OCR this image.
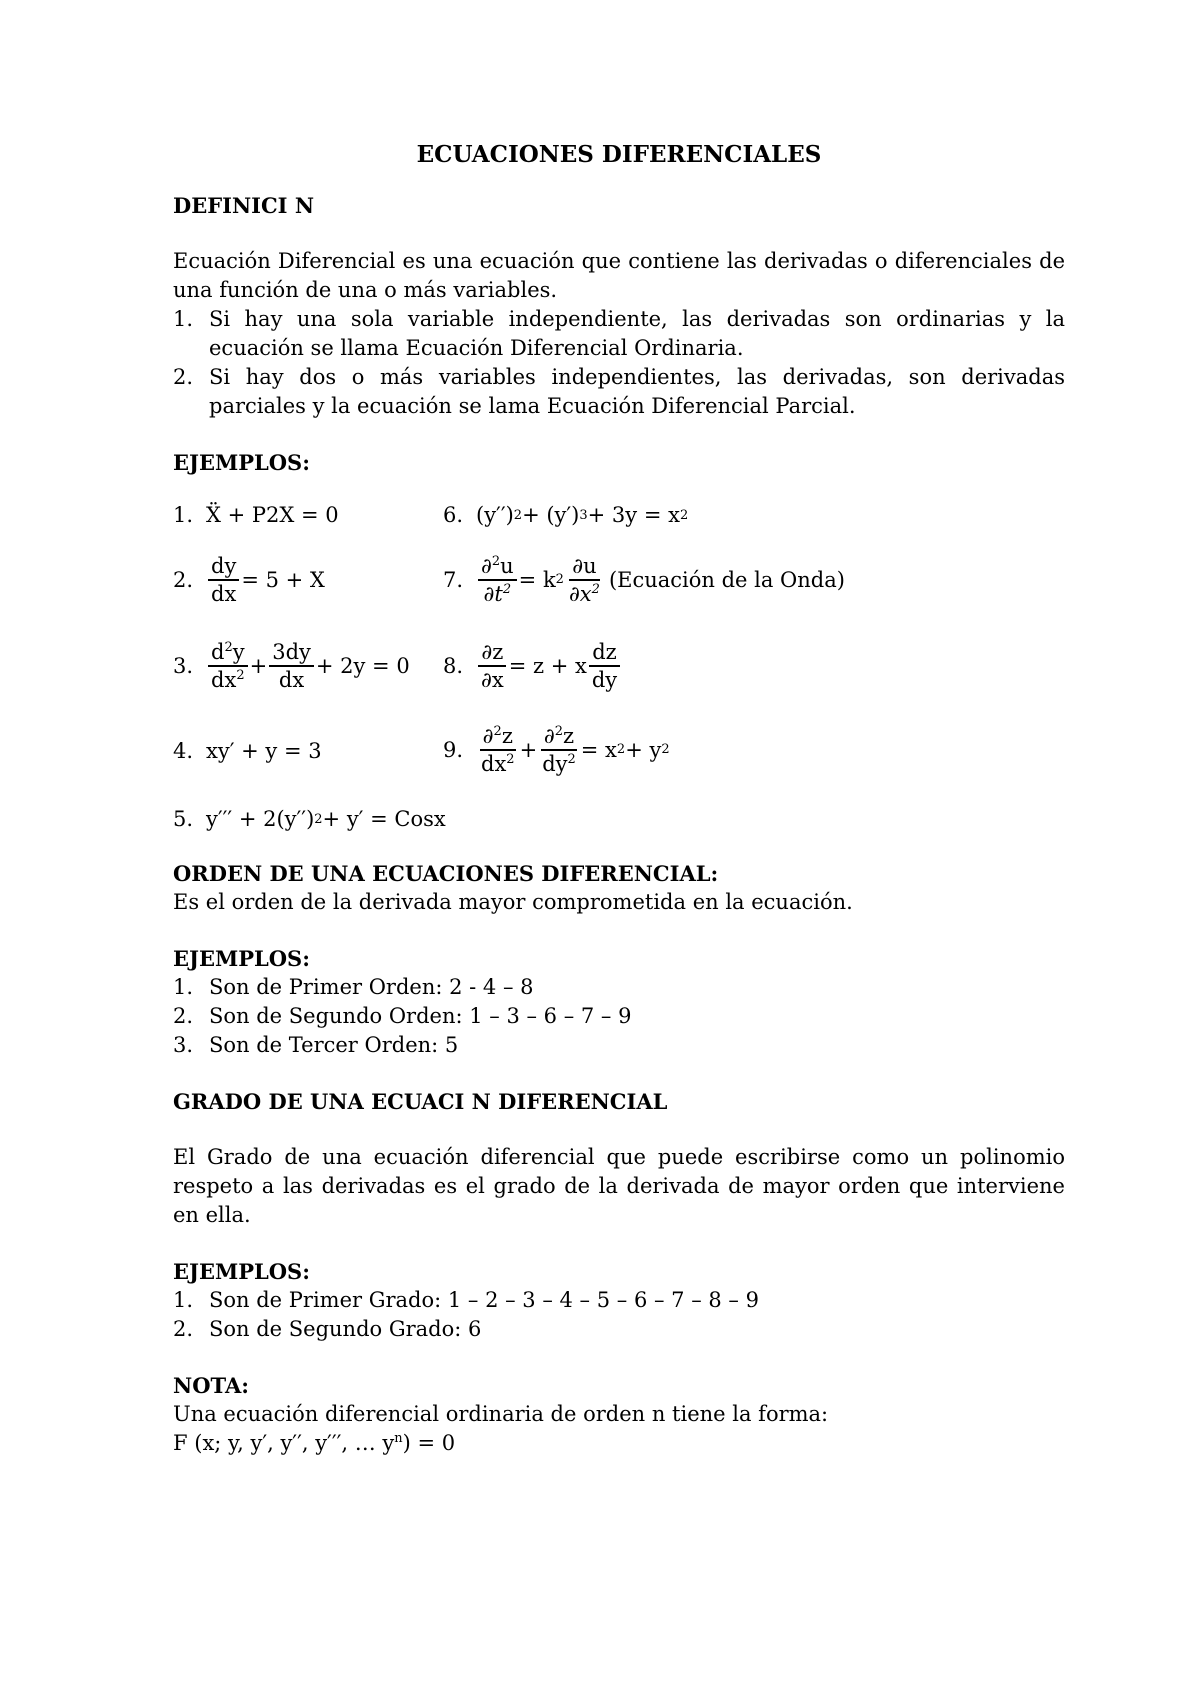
ECUACIONES DIFERENCIALES

DEFINICI N

Ecuación Diferencial es una ecuación que contiene las derivadas o diferenciales de una función de una o más variables.

1. Si hay una sola variable independiente, las derivadas son ordinarias y la ecuación se llama Ecuación Diferencial Ordinaria.
2. Si hay dos o más variables independientes, las derivadas, son derivadas parciales y la ecuación se lama Ecuación Diferencial Parcial.

EJEMPLOS:

1. Ẍ + P2X = 0	6. (y′′) 2 + (y′) 3 + 3y = x 2
2. $\frac{dy}{dx} = 5 + X$	7. $\frac{\partial^2u}{\partial t^2} = k$ $2 \frac{\partial u}{\partial x^2}$ (Ecuación de la Onda)
3. $\frac{d^2y}{dx^2} + \frac{3dy}{dx} + 2y = 0$ 8. $\frac{\partial z}{\partial x} = z + x \frac{dz}{dy}$
4. xy′ + y = 3	9. $\frac{\partial^2z}{dx^2} + \frac{\partial^2z}{dy^2} = x$ 2 + y 2
5. y′′′ + 2(y′′) 2 + y′ = Cosx

ORDEN DE UNA ECUACIONES DIFERENCIAL:

Es el orden de la derivada mayor comprometida en la ecuación.

EJEMPLOS:

1. Son de Primer Orden: 2 - 4 – 8
2. Son de Segundo Orden: 1 – 3 – 6 – 7 – 9
3. Son de Tercer Orden: 5

GRADO DE UNA ECUACI N DIFERENCIAL

El Grado de una ecuación diferencial que puede escribirse como un polinomio respeto a las derivadas es el grado de la derivada de mayor orden que interviene en ella.

EJEMPLOS:

1. Son de Primer Grado: 1 – 2 – 3 – 4 – 5 – 6 – 7 – 8 – 9
2. Son de Segundo Grado: 6

NOTA:

Una ecuación diferencial ordinaria de orden n tiene la forma:

F (x; y, y′, y′′, y′′′, … $y^n) = 0$
